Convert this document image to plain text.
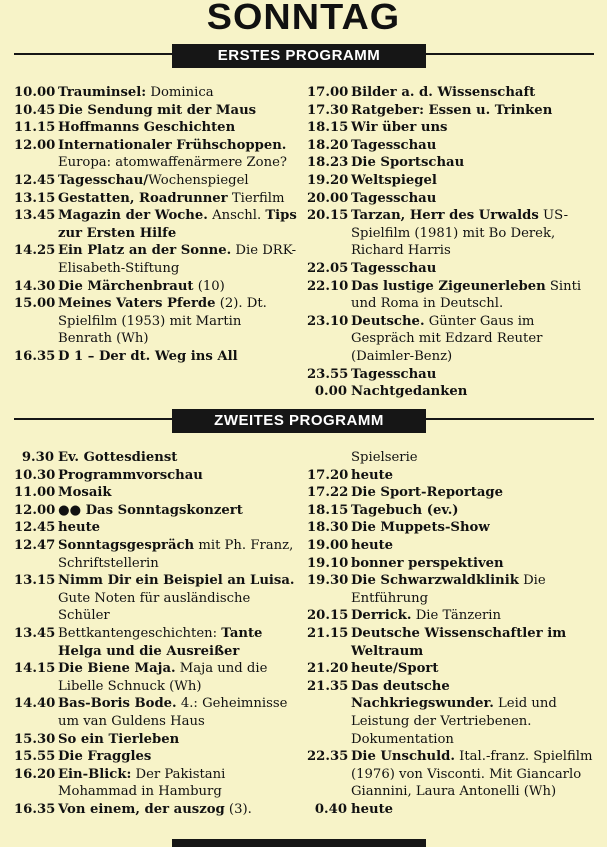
SONNTAG
ERSTES PROGRAMM
10.00 Trauminsel: Dominica
10.45 Die Sendung mit der Maus
11.15 Hoffmanns Geschichten
12.00 Internationaler Frühschoppen. Europa: atomwaffenärmere Zone?
12.45 Tagesschau/Wochenspiegel
13.15 Gestatten, Roadrunner Tierfilm
13.45 Magazin der Woche. Anschl. Tips zur Ersten Hilfe
14.25 Ein Platz an der Sonne. Die DRK-Elisabeth-Stiftung
14.30 Die Märchenbraut (10)
15.00 Meines Vaters Pferde (2). Dt. Spielfilm (1953) mit Martin Benrath (Wh)
16.35 D 1 – Der dt. Weg ins All
17.00 Bilder a. d. Wissenschaft
17.30 Ratgeber: Essen u. Trinken
18.15 Wir über uns
18.20 Tagesschau
18.23 Die Sportschau
19.20 Weltspiegel
20.00 Tagesschau
20.15 Tarzan, Herr des Urwalds US-Spielfilm (1981) mit Bo Derek, Richard Harris
22.05 Tagesschau
22.10 Das lustige Zigeunerleben Sinti und Roma in Deutschl.
23.10 Deutsche. Günter Gaus im Gespräch mit Edzard Reuter (Daimler-Benz)
23.55 Tagesschau
0.00 Nachtgedanken
ZWEITES PROGRAMM
9.30 Ev. Gottesdienst
10.30 Programmvorschau
11.00 Mosaik
12.00 ●● Das Sonntagskonzert
12.45 heute
12.47 Sonntagsgespräch mit Ph. Franz, Schriftstellerin
13.15 Nimm Dir ein Beispiel an Luisa. Gute Noten für ausländische Schüler
13.45 Bettkantengeschichten: Tante Helga und die Ausreißer
14.15 Die Biene Maja. Maja und die Libelle Schnuck (Wh)
14.40 Bas-Boris Bode. 4.: Geheimnisse um van Guldens Haus
15.30 So ein Tierleben
15.55 Die Fraggles
16.20 Ein-Blick: Der Pakistani Mohammad in Hamburg
16.35 Von einem, der auszog (3).
Spielserie
17.20 heute
17.22 Die Sport-Reportage
18.15 Tagebuch (ev.)
18.30 Die Muppets-Show
19.00 heute
19.10 bonner perspektiven
19.30 Die Schwarzwaldklinik Die Entführung
20.15 Derrick. Die Tänzerin
21.15 Deutsche Wissenschaftler im Weltraum
21.20 heute/Sport
21.35 Das deutsche Nachkriegswunder. Leid und Leistung der Vertriebenen. Dokumentation
22.35 Die Unschuld. Ital.-franz. Spielfilm (1976) von Visconti. Mit Giancarlo Giannini, Laura Antonelli (Wh)
0.40 heute
